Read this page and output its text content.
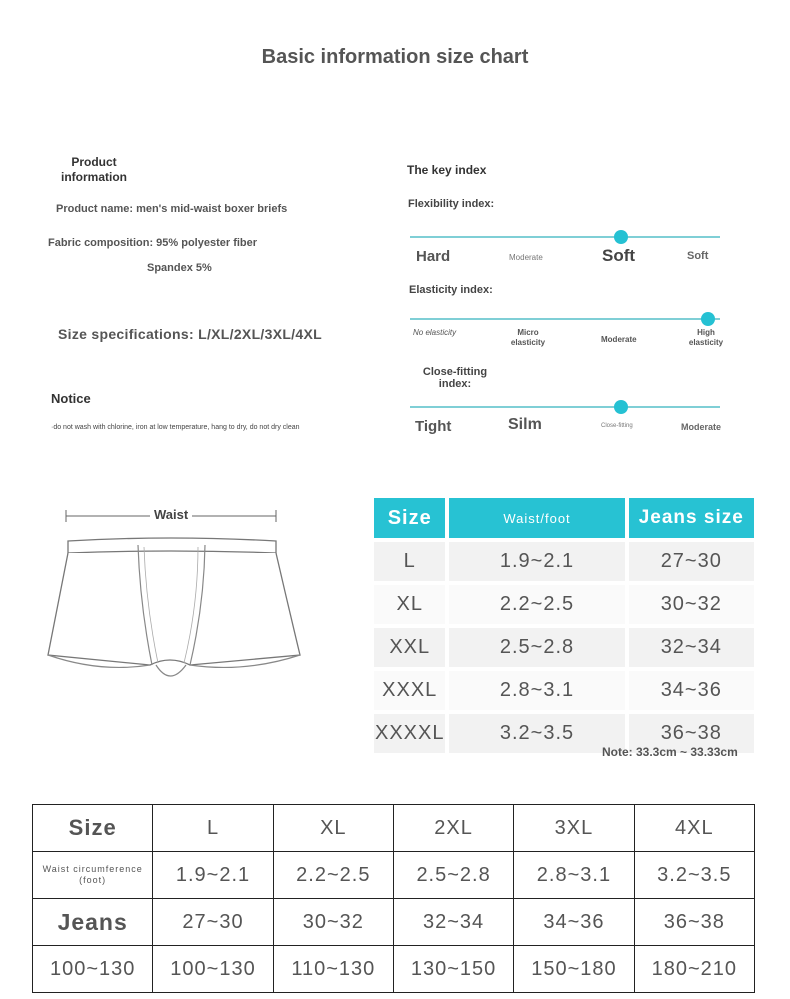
Basic information size chart
Product information
Product name: men's mid-waist boxer briefs
Fabric composition: 95% polyester fiber
Spandex 5%
Size specifications: L/XL/2XL/3XL/4XL
Notice
·do not wash with chlorine, iron at low temperature, hang to dry, do not dry clean
The key index
Flexibility index:
Hard	Moderate	Soft	Soft
Elasticity index:
No elasticity	Micro elasticity	Moderate
High elasticity
Close-fitting index:
Tight	Silm	Close-fitting	Moderate
Waist	Size	Waist/foot	Jeans size
L	1.9~2.1	27~30
XL	2.2~2.5	30~32
XXL	2.5~2.8	32~34
XXXL	2.8~3.1	34~36
XXXXL	3.2~3.5	36~38
Note: 33.3cm ~ 33.33cm
Size	L	XL	2XL	3XL	4XL
Waist circumference (foot)	1.9~2.1	2.2~2.5	2.5~2.8	2.8~3.1	3.2~3.5
Jeans	27~30	30~32	32~34	34~36	36~38
100~130	100~130	110~130	130~150	150~180	180~210
